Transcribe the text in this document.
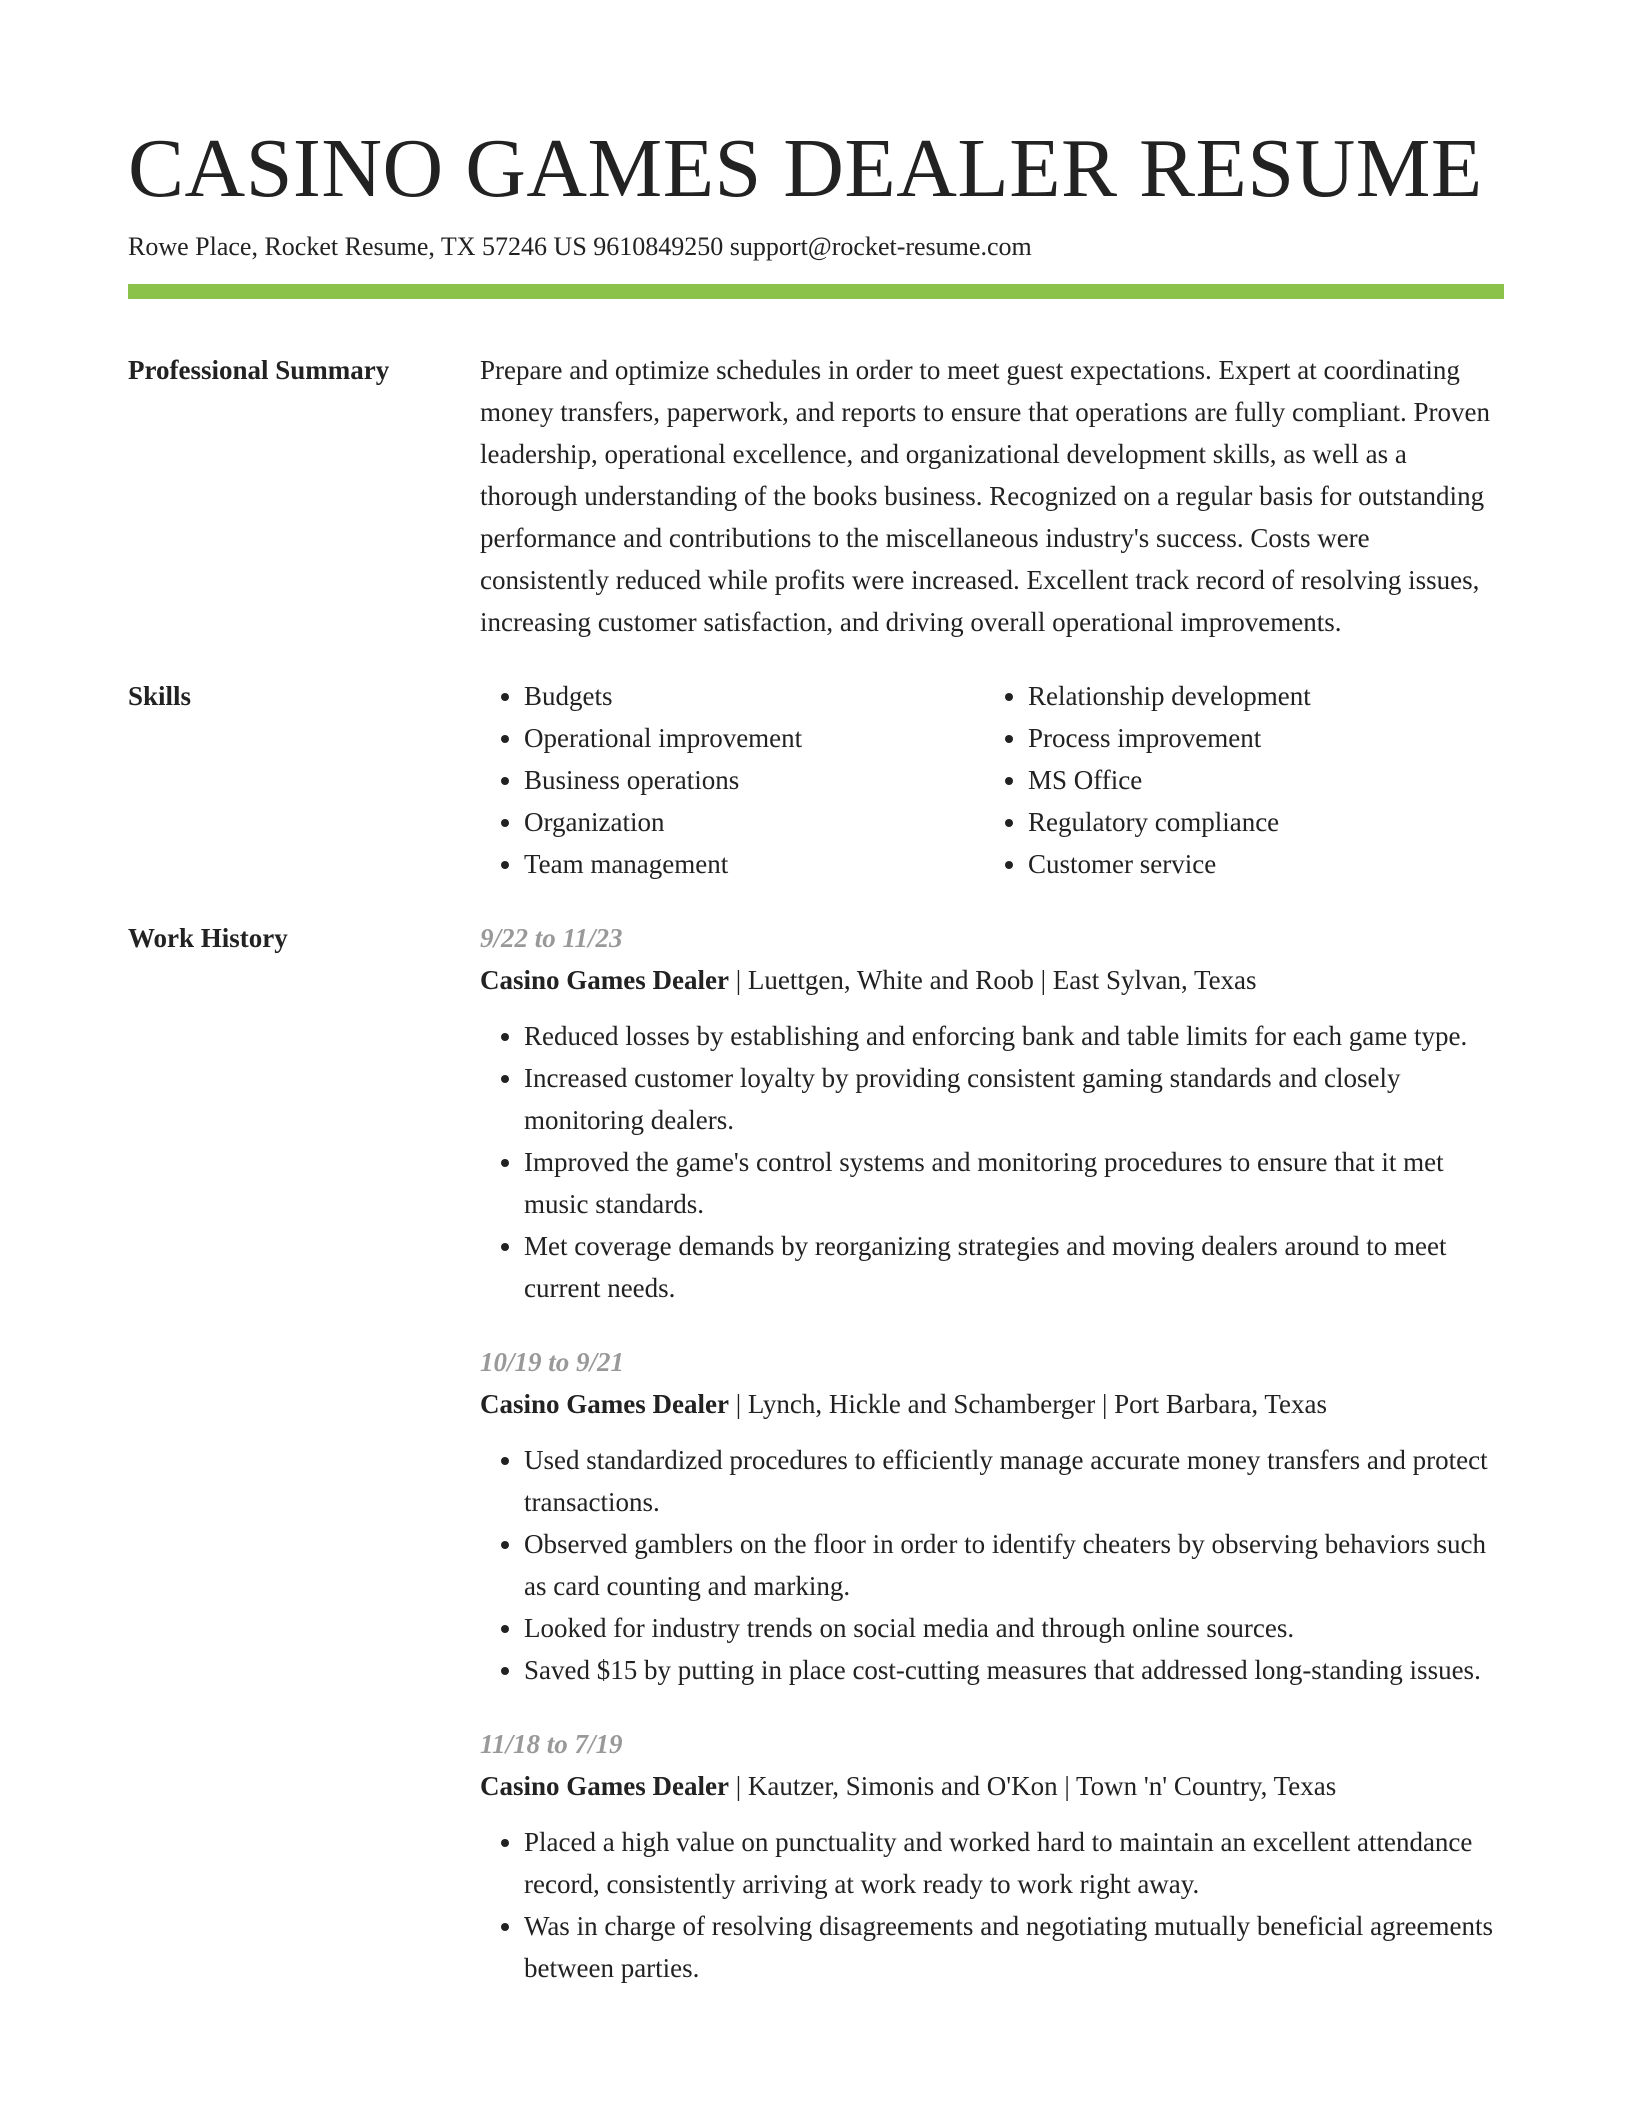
CASINO GAMES DEALER RESUME
Rowe Place, Rocket Resume, TX 57246 US 9610849250 support@rocket-resume.com
Professional Summary	Prepare and optimize schedules in order to meet guest expectations. Expert at coordinating money transfers, paperwork, and reports to ensure that operations are fully compliant. Proven leadership, operational excellence, and organizational development skills, as well as a thorough understanding of the books business. Recognized on a regular basis for outstanding performance and contributions to the miscellaneous industry's success. Costs were consistently reduced while profits were increased. Excellent track record of resolving issues, increasing customer satisfaction, and driving overall operational improvements.

Skills
•	Budgets
• Operational improvement
• Business operations
• Organization
• Team management
• Relationship development
• Process improvement
• MS Office
• Regulatory compliance
• Customer service
Work History	9/22 to 11/23
Casino Games Dealer | Luettgen, White and Roob | East Sylvan, Texas
• Reduced losses by establishing and enforcing bank and table limits for each game type.
• Increased customer loyalty by providing consistent gaming standards and closely monitoring dealers.
• Improved the game's control systems and monitoring procedures to ensure that it met music standards.
• Met coverage demands by reorganizing strategies and moving dealers around to meet current needs.
10/19 to 9/21
Casino Games Dealer | Lynch, Hickle and Schamberger | Port Barbara, Texas
• Used standardized procedures to efficiently manage accurate money transfers and protect transactions.
• Observed gamblers on the floor in order to identify cheaters by observing behaviors such as card counting and marking.
• Looked for industry trends on social media and through online sources.
• Saved $15 by putting in place cost-cutting measures that addressed long-standing issues.
11/18 to 7/19
Casino Games Dealer | Kautzer, Simonis and O'Kon | Town 'n' Country, Texas
• Placed a high value on punctuality and worked hard to maintain an excellent attendance record, consistently arriving at work ready to work right away.
• Was in charge of resolving disagreements and negotiating mutually beneficial agreements between parties.
